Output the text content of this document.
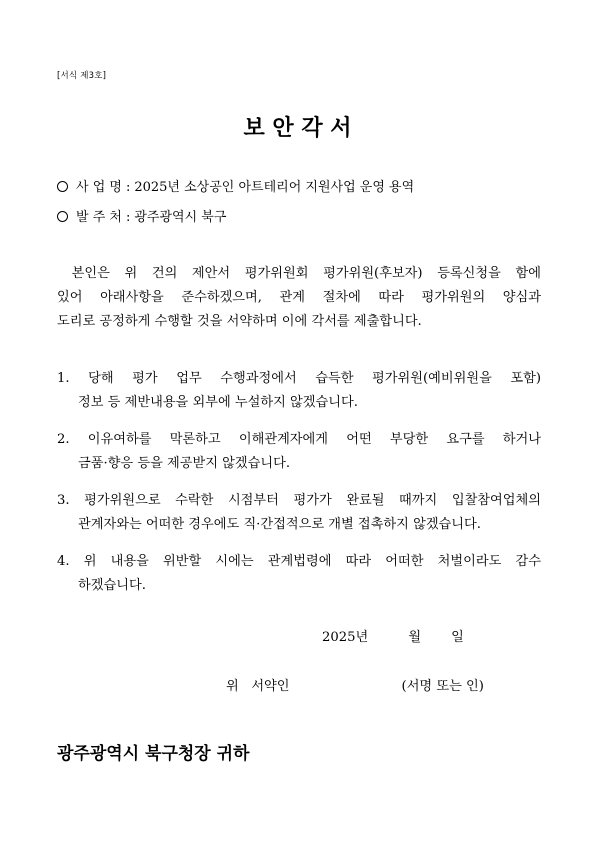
[서식 제3호]
보 안 각 서
사 업 명 : 2025년 소상공인 아트테리어 지원사업 운영 용역
발 주 처 : 광주광역시 북구
본인은 위 건의 제안서 평가위원회 평가위원(후보자) 등록신청을 함에
있어 아래사항을 준수하겠으며, 관계 절차에 따라 평가위원의 양심과
도리로 공정하게 수행할 것을 서약하며 이에 각서를 제출합니다.
1. 당해 평가 업무 수행과정에서 습득한 평가위원(예비위원을 포함)
정보 등 제반내용을 외부에 누설하지 않겠습니다.
2. 이유여하를 막론하고 이해관계자에게 어떤 부당한 요구를 하거나
금품·향응 등을 제공받지 않겠습니다.
3. 평가위원으로 수락한 시점부터 평가가 완료될 때까지 입찰참여업체의
관계자와는 어떠한 경우에도 직·간접적으로 개별 접촉하지 않겠습니다.
4. 위 내용을 위반할 시에는 관계법령에 따라 어떠한 처벌이라도 감수
하겠습니다.
2025년	월 일
위   서약인	(서명 또는 인)
광주광역시 북구청장 귀하
